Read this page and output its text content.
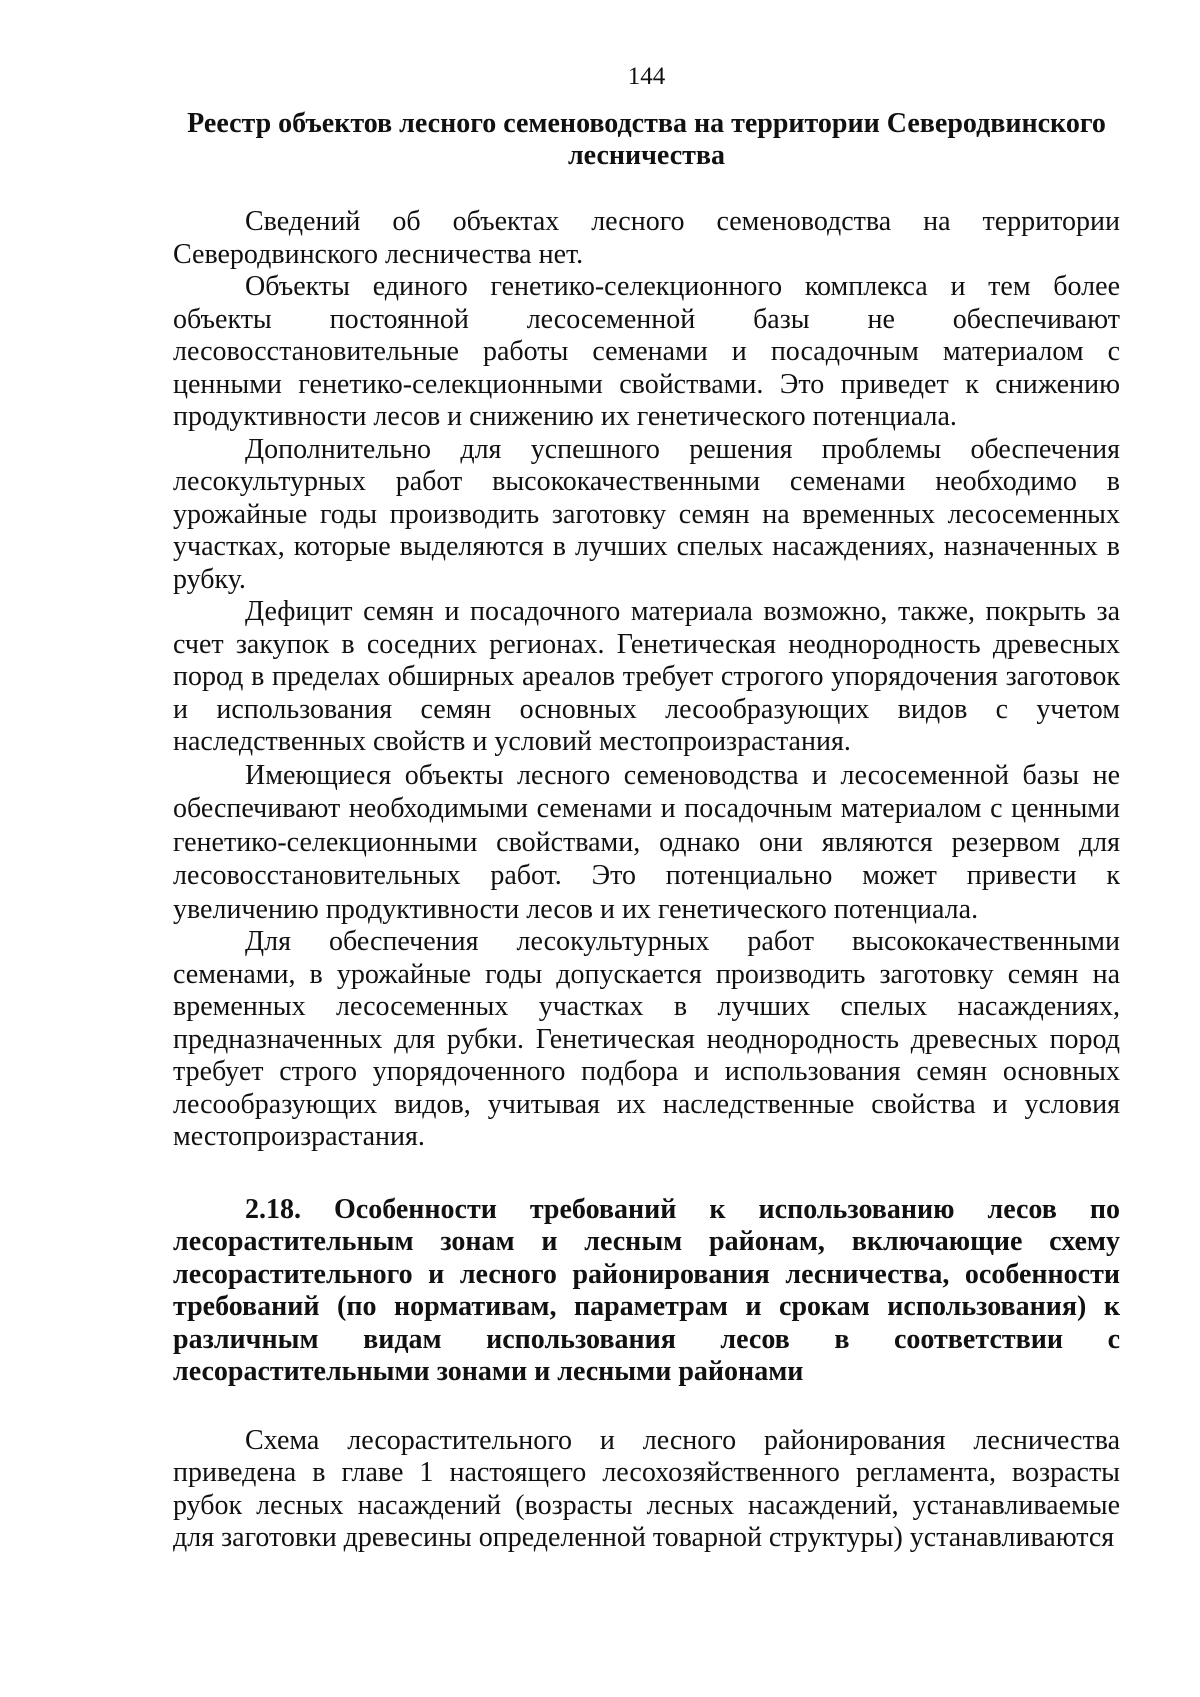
144
Реестр объектов лесного семеноводства на территории Северодвинского
лесничества

Сведений об объектах лесного семеноводства на территории Северодвинского лесничества нет.

Объекты единого генетико-селекционного комплекса и тем более объекты постоянной лесосеменной базы не обеспечивают лесовосстановительные работы семенами и посадочным материалом с ценными генетико-селекционными свойствами. Это приведет к снижению продуктивности лесов и снижению их генетического потенциала.

Дополнительно для успешного решения проблемы обеспечения лесокультурных работ высококачественными семенами необходимо в урожайные годы производить заготовку семян на временных лесосеменных участках, которые выделяются в лучших спелых насаждениях, назначенных в рубку.

Дефицит семян и посадочного материала возможно, также, покрыть за счет закупок в соседних регионах. Генетическая неоднородность древесных пород в пределах обширных ареалов требует строгого упорядочения заготовок и использования семян основных лесообразующих видов с учетом наследственных свойств и условий местопроизрастания.

Имеющиеся объекты лесного семеноводства и лесосеменной базы не обеспечивают необходимыми семенами и посадочным материалом с ценными генетико-селекционными свойствами, однако они являются резервом для лесовосстановительных работ. Это потенциально может привести к увеличению продуктивности лесов и их генетического потенциала.

Для обеспечения лесокультурных работ высококачественными семенами, в урожайные годы допускается производить заготовку семян на временных лесосеменных участках в лучших спелых насаждениях, предназначенных для рубки. Генетическая неоднородность древесных пород требует строго упорядоченного подбора и использования семян основных лесообразующих видов, учитывая их наследственные свойства и условия местопроизрастания.

2.18. Особенности требований к использованию лесов по лесорастительным зонам и лесным районам, включающие схему лесорастительного и лесного районирования лесничества, особенности требований (по нормативам, параметрам и срокам использования) к различным видам использования лесов в соответствии с лесорастительными зонами и лесными районами

Схема лесорастительного и лесного районирования лесничества приведена в главе 1 настоящего лесохозяйственного регламента, возрасты рубок лесных насаждений (возрасты лесных насаждений, устанавливаемые для заготовки древесины определенной товарной структуры) устанавливаются
